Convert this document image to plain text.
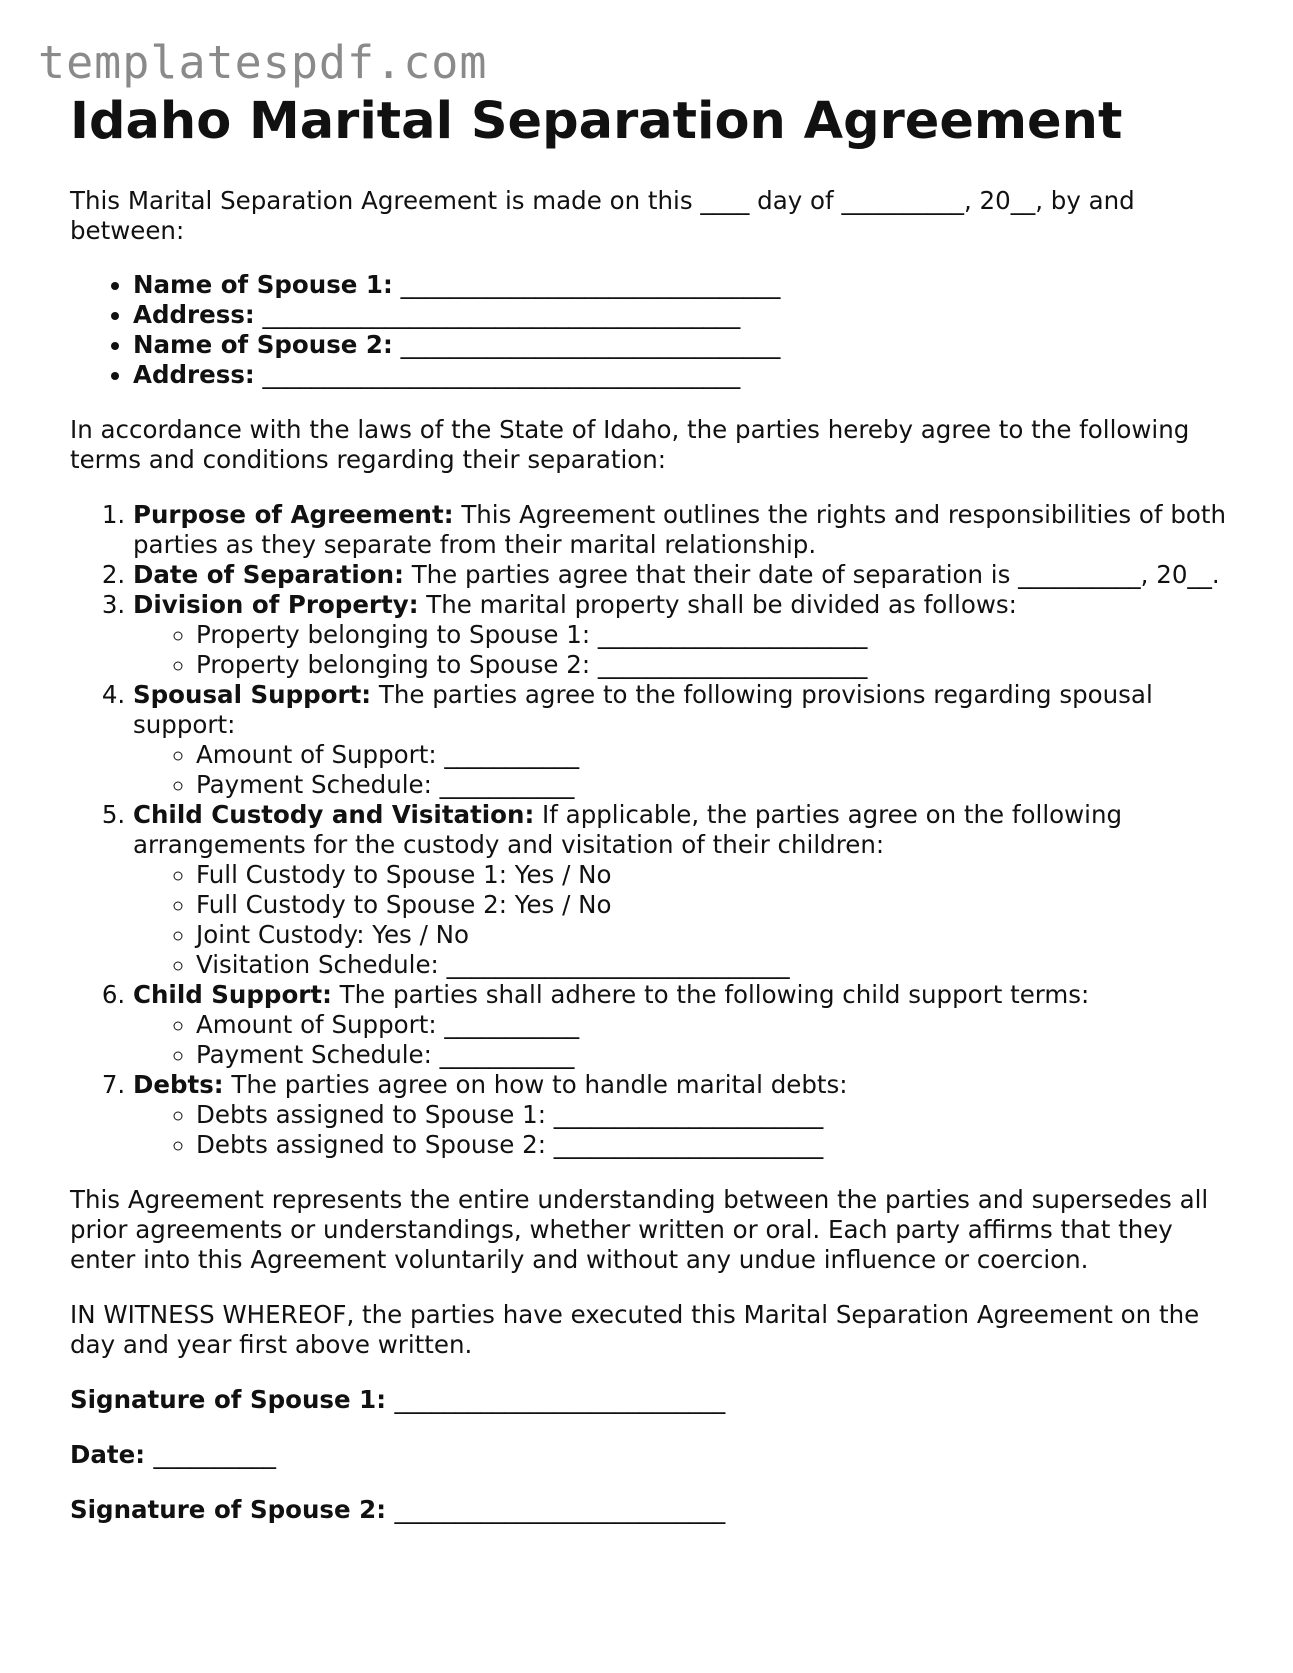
templatespdf.com
Idaho Marital Separation Agreement

This Marital Separation Agreement is made on this ____ day of __________, 20__, by and between:

• Name of Spouse 1: _______________________________
• Address: _______________________________________
• Name of Spouse 2: _______________________________
• Address: _______________________________________

In accordance with the laws of the State of Idaho, the parties hereby agree to the following terms and conditions regarding their separation:

1. Purpose of Agreement: This Agreement outlines the rights and responsibilities of both parties as they separate from their marital relationship.
2. Date of Separation: The parties agree that their date of separation is __________, 20__.
3. Division of Property: The marital property shall be divided as follows:
◦ Property belonging to Spouse 1: ______________________
◦ Property belonging to Spouse 2: ______________________
4. Spousal Support: The parties agree to the following provisions regarding spousal support:
◦ Amount of Support: ___________
◦ Payment Schedule: ___________
5. Child Custody and Visitation: If applicable, the parties agree on the following arrangements for the custody and visitation of their children:
◦ Full Custody to Spouse 1: Yes / No
◦ Full Custody to Spouse 2: Yes / No
◦ Joint Custody: Yes / No
◦ Visitation Schedule: ____________________________
6. Child Support: The parties shall adhere to the following child support terms:
◦ Amount of Support: ___________
◦ Payment Schedule: ___________
7. Debts: The parties agree on how to handle marital debts:
◦ Debts assigned to Spouse 1: ______________________
◦ Debts assigned to Spouse 2: ______________________

This Agreement represents the entire understanding between the parties and supersedes all prior agreements or understandings, whether written or oral. Each party affirms that they enter into this Agreement voluntarily and without any undue influence or coercion.

IN WITNESS WHEREOF, the parties have executed this Marital Separation Agreement on the day and year first above written.

Signature of Spouse 1: ___________________________

Date: __________

Signature of Spouse 2: ___________________________
